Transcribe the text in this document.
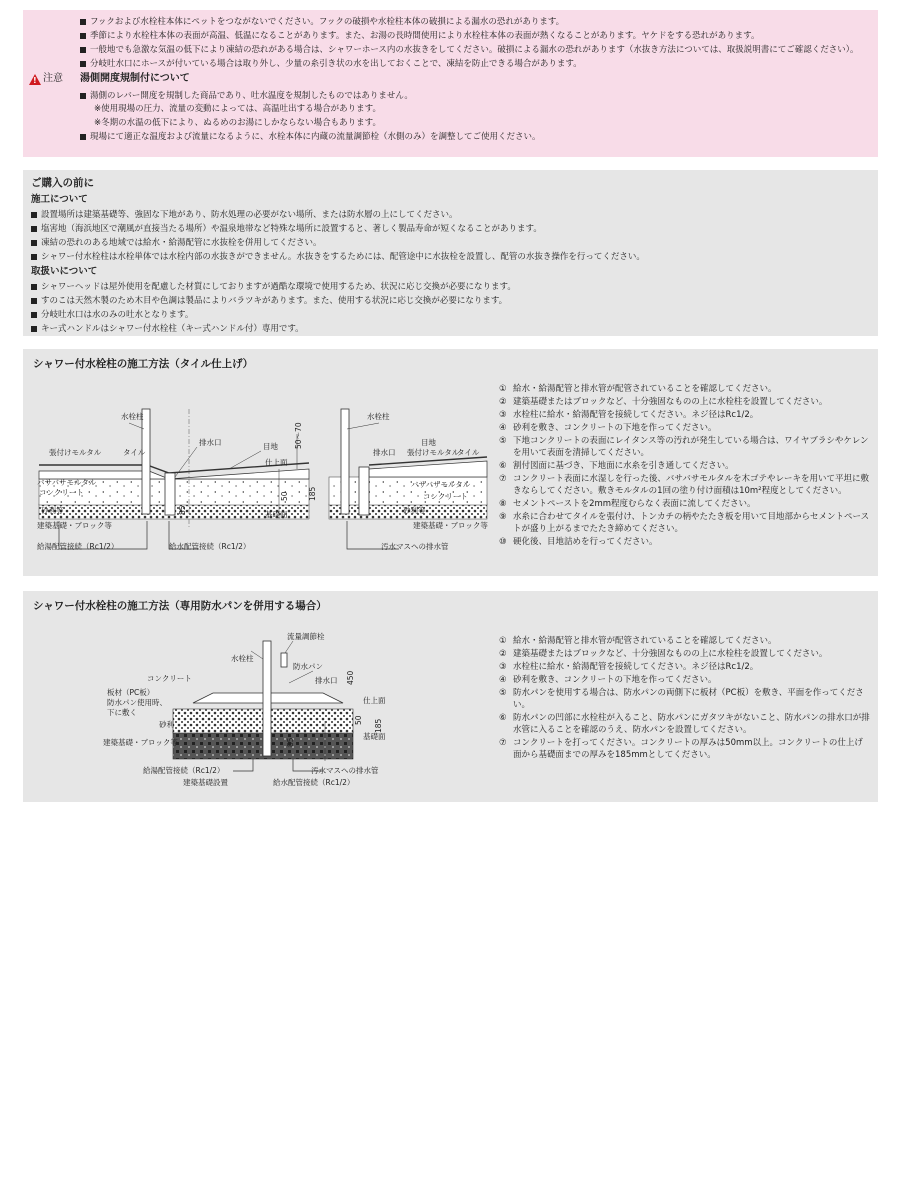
!
注意
フックおよび水栓柱本体にペットをつながないでください。フックの破損や水栓柱本体の破損による漏水の恐れがあります。
季節により水栓柱本体の表面が高温、低温になることがあります。また、お湯の長時間使用により水栓柱本体の表面が熱くなることがあります。ヤケドをする恐れがあります。
一般地でも急激な気温の低下により凍結の恐れがある場合は、シャワーホース内の水抜きをしてください。破損による漏水の恐れがあります（水抜き方法については、取扱説明書にてご確認ください）。
分岐吐水口にホースが付いている場合は取り外し、少量の糸引き状の水を出しておくことで、凍結を防止できる場合があります。
湯側開度規制付について
湯側のレバー開度を規制した商品であり、吐水温度を規制したものではありません。
※使用現場の圧力、流量の変動によっては、高温吐出する場合があります。
※冬期の水温の低下により、ぬるめのお湯にしかならない場合もあります。
現場にて適正な温度および流量になるように、水栓本体に内蔵の流量調節栓（水側のみ）を調整してご使用ください。
ご購入の前に
施工について
設置場所は建築基礎等、強固な下地があり、防水処理の必要がない場所、または防水層の上にしてください。
塩害地（海浜地区で潮風が直接当たる場所）や温泉地帯など特殊な場所に設置すると、著しく製品寿命が短くなることがあります。
凍結の恐れのある地域では給水・給湯配管に水抜栓を併用してください。
シャワー付水栓柱は水栓単体では水栓内部の水抜きができません。水抜きをするためには、配管途中に水抜栓を設置し、配管の水抜き操作を行ってください。
取扱いについて
シャワーヘッドは屋外使用を配慮した材質にしておりますが過酷な環境で使用するため、状況に応じ交換が必要になります。
すのこは天然木製のため木目や色調は製品によりバラツキがあります。また、使用する状況に応じ交換が必要になります。
分岐吐水口は水のみの吐水となります。
キー式ハンドルはシャワー付水栓柱（キー式ハンドル付）専用です。
シャワー付水栓柱の施工方法（タイル仕上げ）
水栓柱
排水口	目地
張付けモルタル	タイル
仕上面
バサバサモルタル
コンクリート
砂利等
建築基礎・ブロック等
基礎面
給湯配管接続（Rc1/2）	給水配管接続（Rc1/2）
50〜70
50	185
85
水栓柱
目地
排水口 張付けモルタル
タイル
バサバサモルタル
コンクリート
砂利等
建築基礎・ブロック等
汚水マスへの排水管
① 給水・給湯配管と排水管が配管されていることを確認してください。
② 建築基礎またはブロックなど、十分強固なものの上に水栓柱を設置してください。
③ 水栓柱に給水・給湯配管を接続してください。ネジ径はRc1/2。
④ 砂利を敷き、コンクリートの下地を作ってください。
⑤ 下地コンクリートの表面にレイタンス等の汚れが発生している場合は、ワイヤブラシやケレンを用いて表面を清掃してください。
⑥ 割付図面に基づき、下地面に水糸を引き通してください。
⑦ コンクリート表面に水湿しを行った後、バサバサモルタルを木ゴテやレーキを用いて平坦に敷きならしてください。敷きモルタルの1回の塗り付け面積は10m²程度としてください。
⑧ セメントペーストを2mm程度むらなく表面に流してください。
⑨ 水糸に合わせてタイルを張付け、トンカチの柄やたたき板を用いて目地部からセメントペーストが盛り上がるまでたたき締めてください。
⑩ 硬化後、目地詰めを行ってください。
シャワー付水栓柱の施工方法（専用防水パンを併用する場合）
流量調節栓
水栓柱
防水パン
コンクリート	排水口
板材（PC板）
防水パン使用時、
下に敷く
砂利
仕上面
基礎面
建築基礎・ブロック等
給湯配管接続（Rc1/2）	汚水マスへの排水管
建築基礎設置	給水配管接続（Rc1/2）
450
50 185
85
① 給水・給湯配管と排水管が配管されていることを確認してください。
② 建築基礎またはブロックなど、十分強固なものの上に水栓柱を設置してください。
③ 水栓柱に給水・給湯配管を接続してください。ネジ径はRc1/2。
④ 砂利を敷き、コンクリートの下地を作ってください。
⑤ 防水パンを使用する場合は、防水パンの両側下に板材（PC板）を敷き、平面を作ってください。
⑥ 防水パンの凹部に水栓柱が入ること、防水パンにガタツキがないこと、防水パンの排水口が排水管に入ることを確認のうえ、防水パンを設置してください。
⑦ コンクリートを打ってください。コンクリートの厚みは50mm以上。コンクリートの仕上げ面から基礎面までの厚みを185mmとしてください。
